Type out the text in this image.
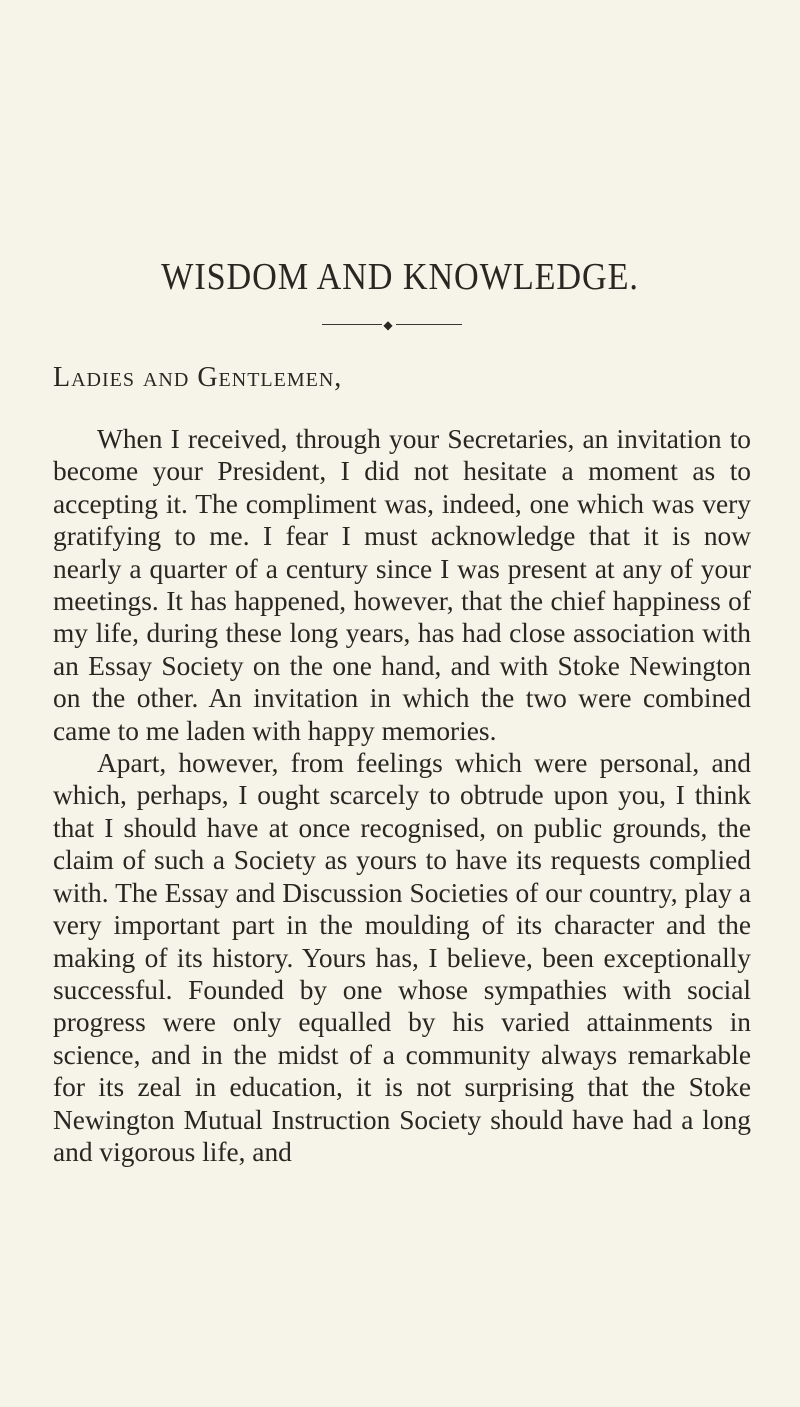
WISDOM AND KNOWLEDGE.
◆

Ladies and Gentlemen,

When I received, through your Secretaries, an invitation to become your President, I did not hesitate a moment as to accepting it. The compliment was, indeed, one which was very gratifying to me. I fear I must acknowledge that it is now nearly a quarter of a century since I was present at any of your meetings. It has happened, however, that the chief happiness of my life, during these long years, has had close association with an Essay Society on the one hand, and with Stoke Newington on the other. An invitation in which the two were combined came to me laden with happy memories.

Apart, however, from feelings which were personal, and which, perhaps, I ought scarcely to obtrude upon you, I think that I should have at once recognised, on public grounds, the claim of such a Society as yours to have its requests complied with. The Essay and Discussion Societies of our country, play a very important part in the moulding of its character and the making of its history. Yours has, I believe, been exceptionally successful. Founded by one whose sympathies with social progress were only equalled by his varied attainments in science, and in the midst of a community always remarkable for its zeal in education, it is not surprising that the Stoke Newington Mutual Instruction Society should have had a long and vigorous life, and
